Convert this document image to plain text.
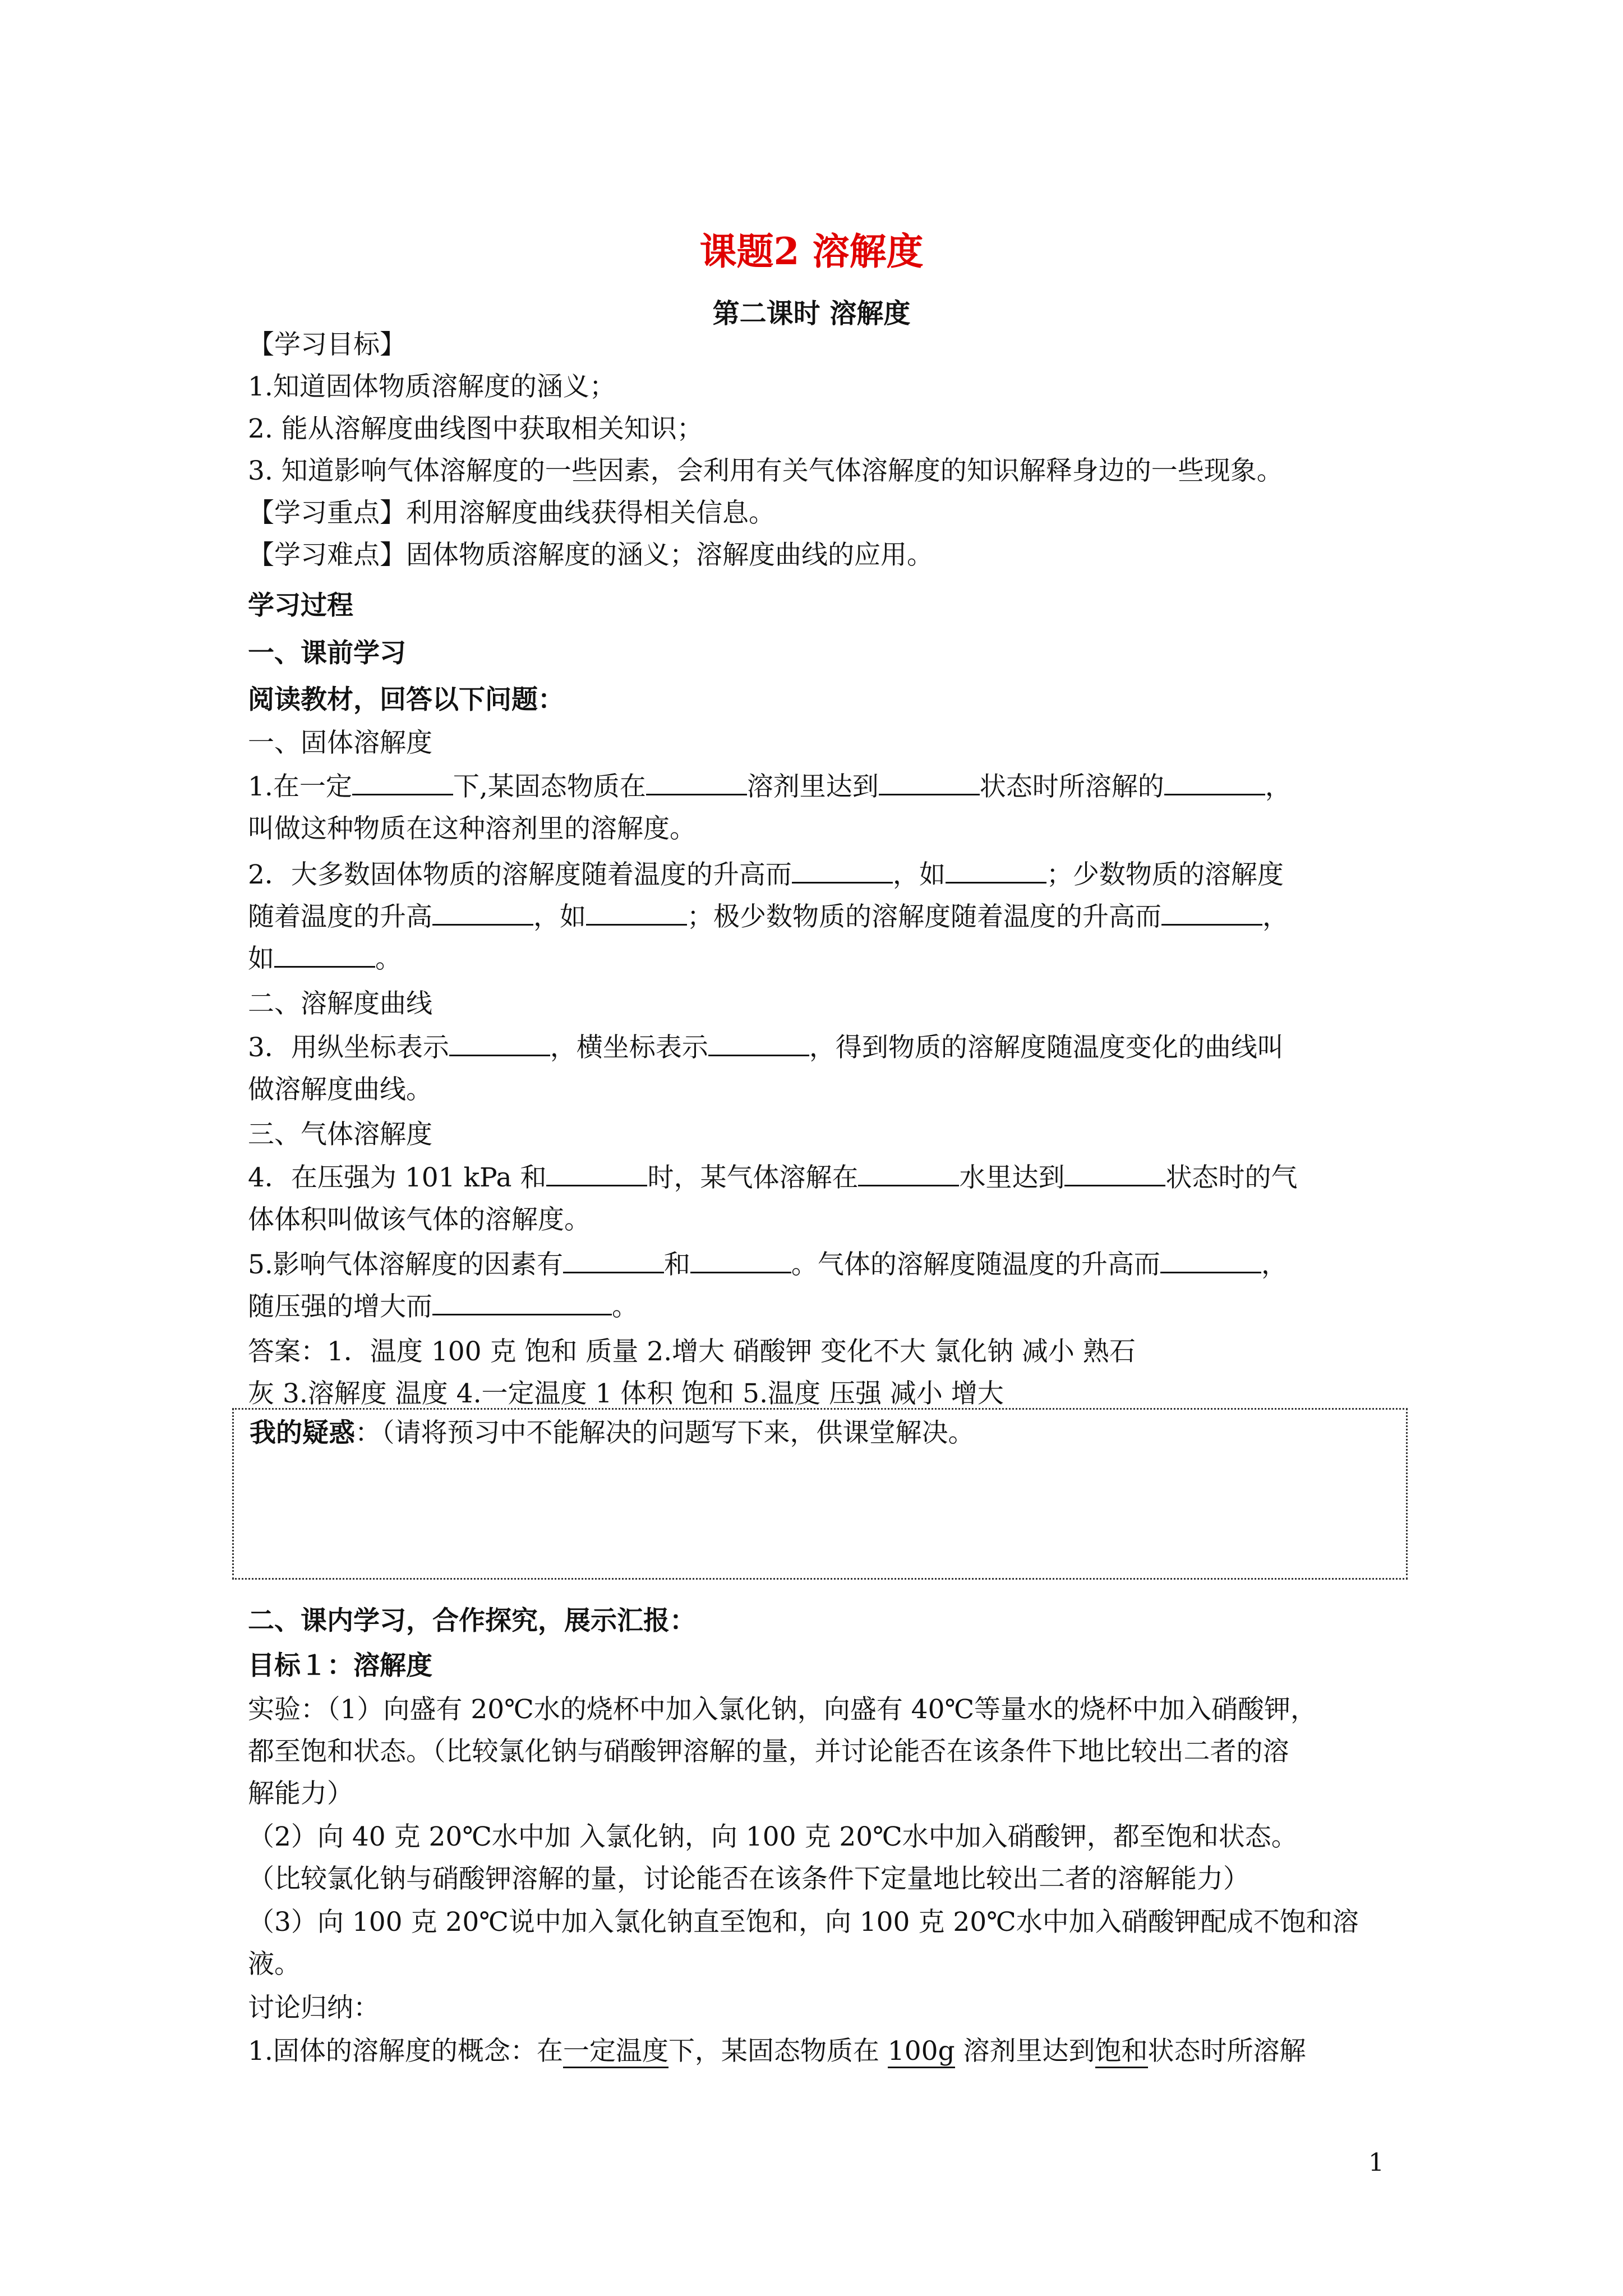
课题2 溶解度
第二课时 溶解度
【学习目标】
1.知道固体物质溶解度的涵义；
2. 能从溶解度曲线图中获取相关知识；
3. 知道影响气体溶解度的一些因素，会利用有关气体溶解度的知识解释身边的一些现象。
【学习重点】利用溶解度曲线获得相关信息。
【学习难点】固体物质溶解度的涵义；溶解度曲线的应用。
学习过程
一、课前学习
阅读教材，回答以下问题：
一、固体溶解度
1.在一定	下,某固态物质在	溶剂里达到	状态时所溶解的	，
叫做这种物质在这种溶剂里的溶解度。
2．大多数固体物质的溶解度随着温度的升高而	，如	；少数物质的溶解度
随着温度的升高	，如	；极少数物质的溶解度随着温度的升高而	，
如	。
二、溶解度曲线
3．用纵坐标表示	，横坐标表示	，得到物质的溶解度随温度变化的曲线叫
做溶解度曲线。
三、气体溶解度
4．在压强为 101 kPa 和	时，某气体溶解在	水里达到	状态时的气
体体积叫做该气体的溶解度。
5.影响气体溶解度的因素有	和	。气体的溶解度随温度的升高而	，
随压强的增大而	。
答案：1．温度 100 克 饱和 质量 2.增大 硝酸钾 变化不大 氯化钠 减小 熟石
灰 3.溶解度 温度 4.一定温度 1 体积 饱和 5.温度 压强 减小 增大
我的疑惑：（请将预习中不能解决的问题写下来，供课堂解决。
二、课内学习，合作探究，展示汇报：
目标１：溶解度
实验：（1）向盛有 20℃水的烧杯中加入氯化钠，向盛有 40℃等量水的烧杯中加入硝酸钾，
都至饱和状态。（比较氯化钠与硝酸钾溶解的量，并讨论能否在该条件下地比较出二者的溶
解能力）
（2）向 40 克 20℃水中加 入氯化钠，向 100 克 20℃水中加入硝酸钾，都至饱和状态。
（比较氯化钠与硝酸钾溶解的量，讨论能否在该条件下定量地比较出二者的溶解能力）
（3）向 100 克 20℃说中加入氯化钠直至饱和，向 100 克 20℃水中加入硝酸钾配成不饱和溶
液。
讨论归纳：
1.固体的溶解度的概念：在一定温度下，某固态物质在 100g 溶剂里达到饱和状态时所溶解
1
